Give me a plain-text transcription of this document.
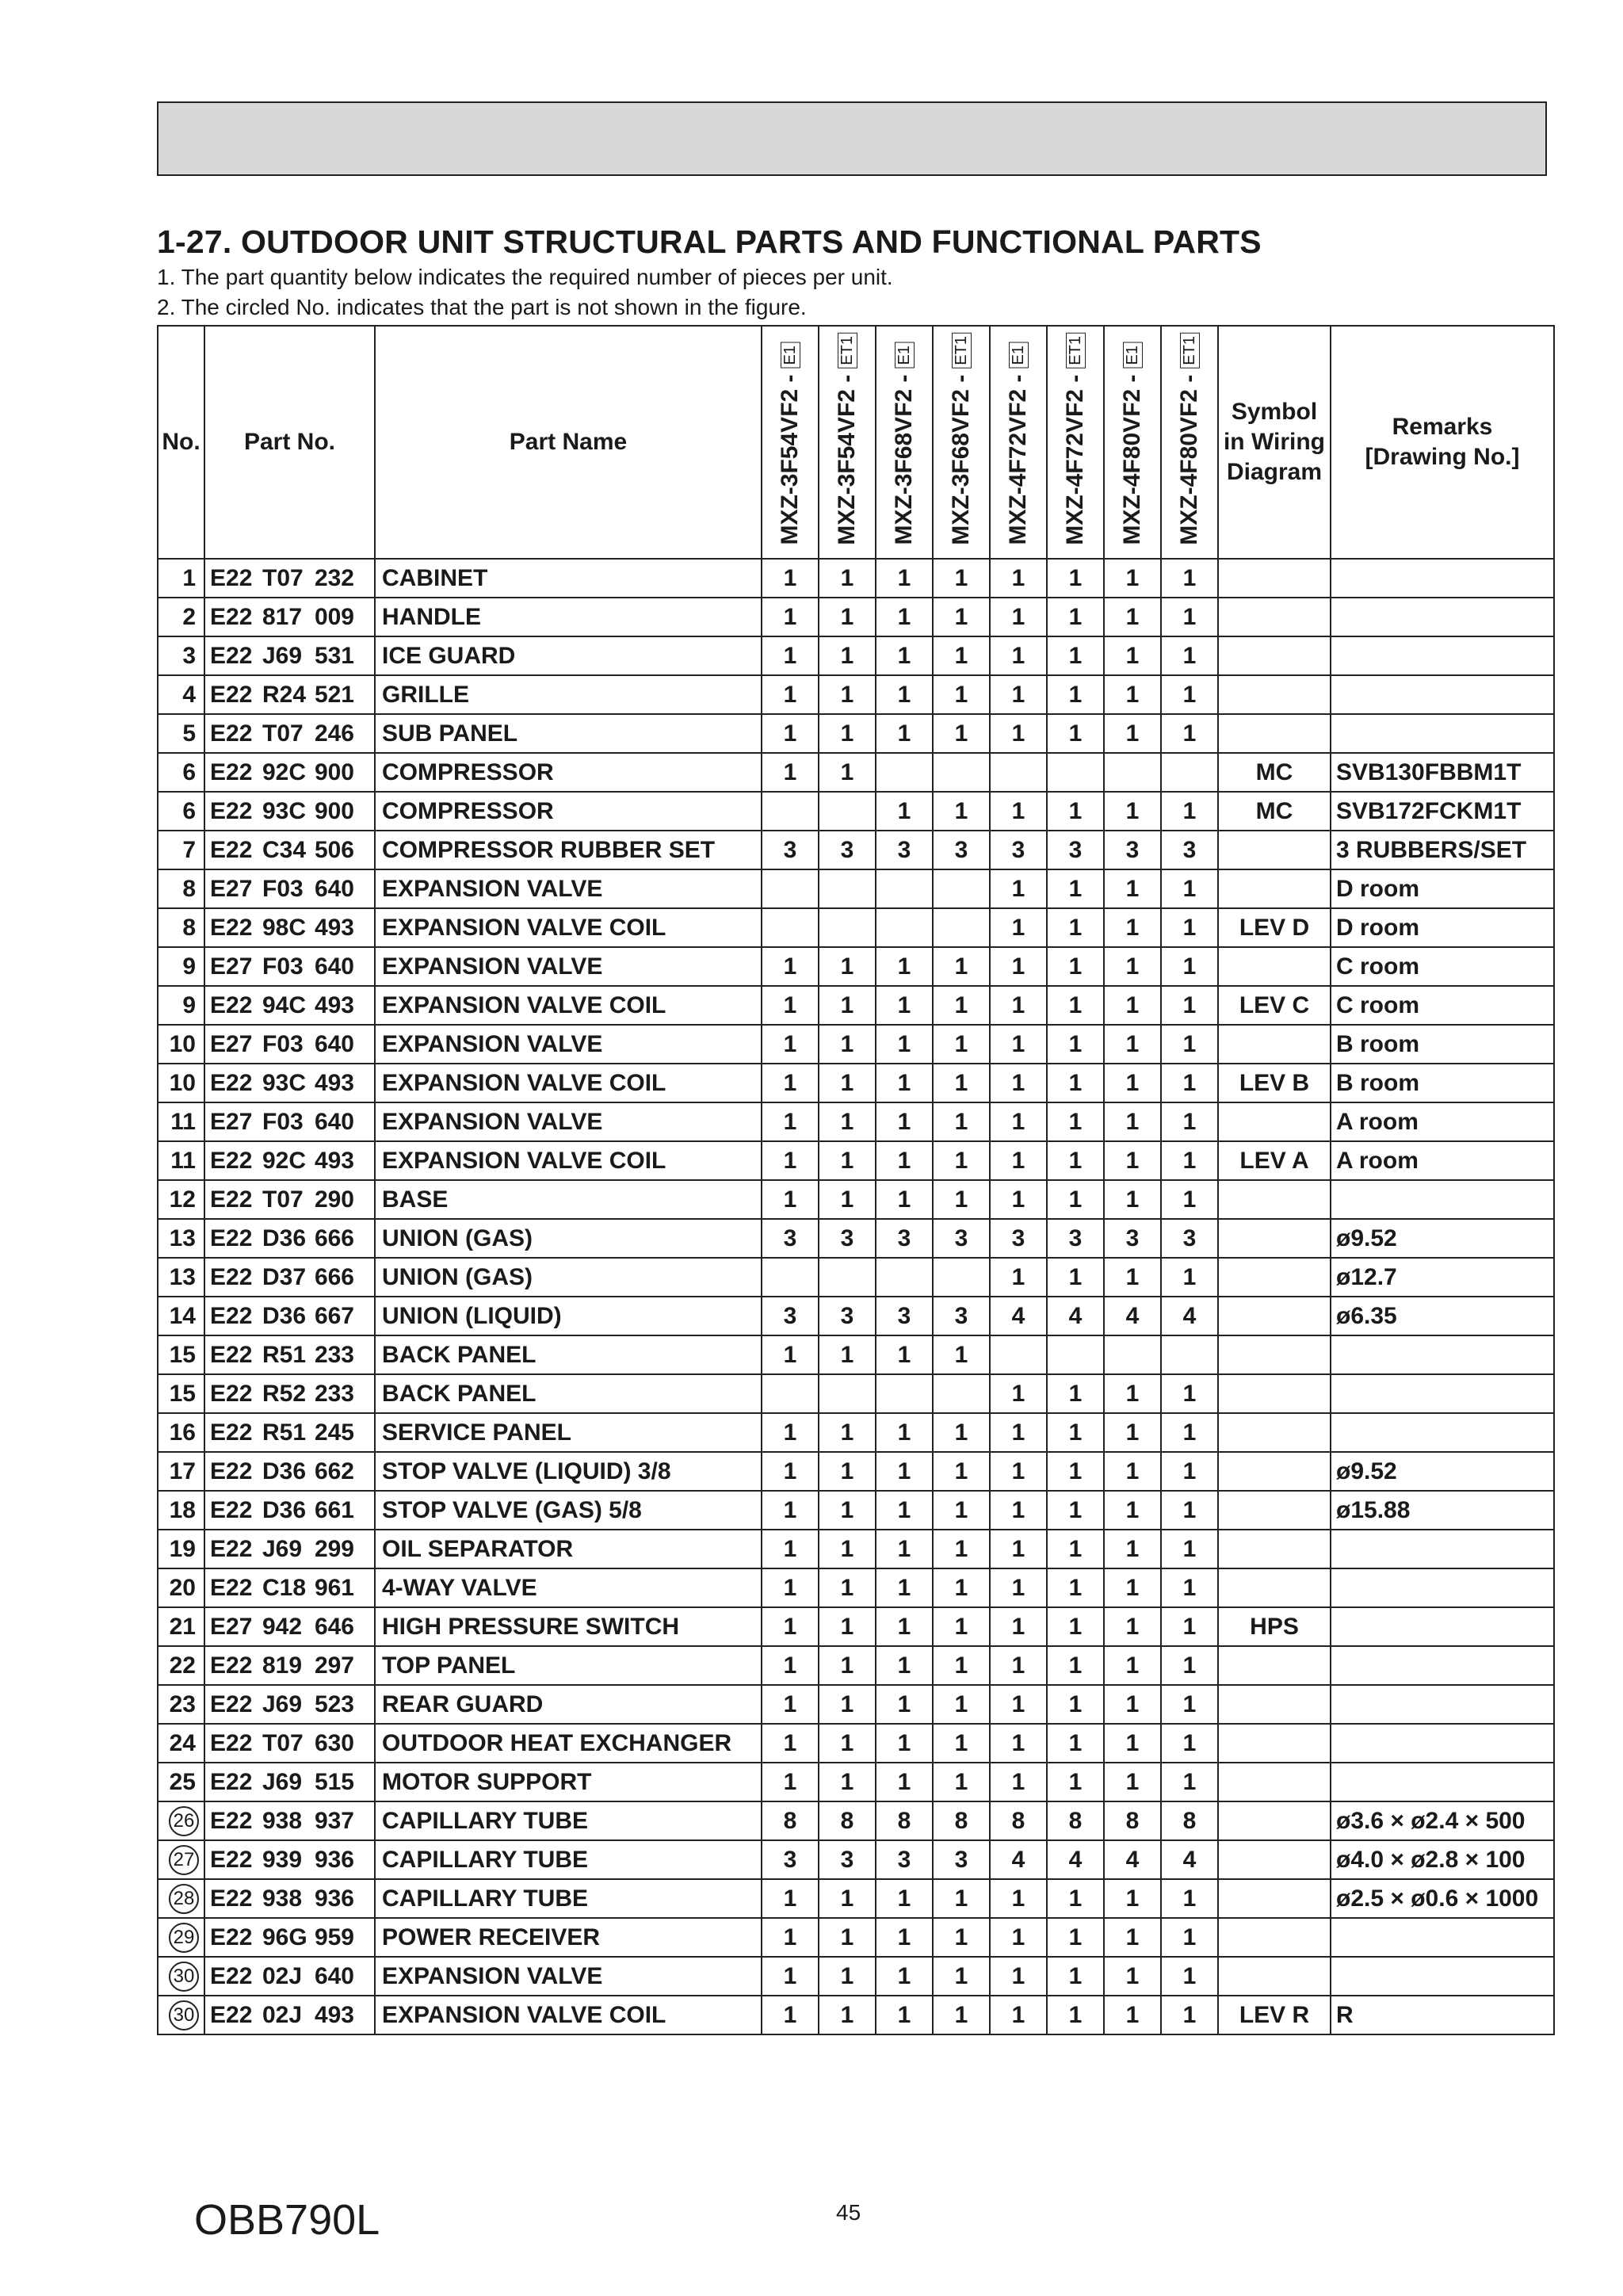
1-27. OUTDOOR UNIT STRUCTURAL PARTS AND FUNCTIONAL PARTS
1. The part quantity below indicates the required number of pieces per unit.
2. The circled No. indicates that the part is not shown in the figure.
No.	Part No.	Part Name	MXZ-3F54VF2 -E1	MXZ-3F54VF2 -ET1	MXZ-3F68VF2 -E1	MXZ-3F68VF2 -ET1	MXZ-4F72VF2 -E1	MXZ-4F72VF2 -ET1	MXZ-4F80VF2 -E1	MXZ-4F80VF2 -ET1	Symbol
in Wiring
Diagram	Remarks
[Drawing No.]
1	E22 T07 232	CABINET	1	1	1	1	1	1	1	1		
2	E22 817 009	HANDLE	1	1	1	1	1	1	1	1		
3	E22 J69 531	ICE GUARD	1	1	1	1	1	1	1	1		
4	E22 R24 521	GRILLE	1	1	1	1	1	1	1	1		
5	E22 T07 246	SUB PANEL	1	1	1	1	1	1	1	1		
6	E22 92C 900	COMPRESSOR	1	1							MC	SVB130FBBM1T
6	E22 93C 900	COMPRESSOR			1	1	1	1	1	1	MC	SVB172FCKM1T
7	E22 C34 506	COMPRESSOR RUBBER SET	3	3	3	3	3	3	3	3		3 RUBBERS/SET
8	E27 F03 640	EXPANSION VALVE					1	1	1	1		D room
8	E22 98C 493	EXPANSION VALVE COIL					1	1	1	1	LEV D	D room
9	E27 F03 640	EXPANSION VALVE	1	1	1	1	1	1	1	1		C room
9	E22 94C 493	EXPANSION VALVE COIL	1	1	1	1	1	1	1	1	LEV C	C room
10	E27 F03 640	EXPANSION VALVE	1	1	1	1	1	1	1	1		B room
10	E22 93C 493	EXPANSION VALVE COIL	1	1	1	1	1	1	1	1	LEV B	B room
11	E27 F03 640	EXPANSION VALVE	1	1	1	1	1	1	1	1		A room
11	E22 92C 493	EXPANSION VALVE COIL	1	1	1	1	1	1	1	1	LEV A	A room
12	E22 T07 290	BASE	1	1	1	1	1	1	1	1		
13	E22 D36 666	UNION (GAS)	3	3	3	3	3	3	3	3		ø9.52
13	E22 D37 666	UNION (GAS)					1	1	1	1		ø12.7
14	E22 D36 667	UNION (LIQUID)	3	3	3	3	4	4	4	4		ø6.35
15	E22 R51 233	BACK PANEL	1	1	1	1						
15	E22 R52 233	BACK PANEL					1	1	1	1		
16	E22 R51 245	SERVICE PANEL	1	1	1	1	1	1	1	1		
17	E22 D36 662	STOP VALVE (LIQUID) 3/8	1	1	1	1	1	1	1	1		ø9.52
18	E22 D36 661	STOP VALVE (GAS) 5/8	1	1	1	1	1	1	1	1		ø15.88
19	E22 J69 299	OIL SEPARATOR	1	1	1	1	1	1	1	1		
20	E22 C18 961	4-WAY VALVE	1	1	1	1	1	1	1	1		
21	E27 942 646	HIGH PRESSURE SWITCH	1	1	1	1	1	1	1	1	HPS	
22	E22 819 297	TOP PANEL	1	1	1	1	1	1	1	1		
23	E22 J69 523	REAR GUARD	1	1	1	1	1	1	1	1		
24	E22 T07 630	OUTDOOR HEAT EXCHANGER	1	1	1	1	1	1	1	1		
25	E22 J69 515	MOTOR SUPPORT	1	1	1	1	1	1	1	1		
26	E22 938 937	CAPILLARY TUBE	8	8	8	8	8	8	8	8		ø3.6 × ø2.4 × 500
27	E22 939 936	CAPILLARY TUBE	3	3	3	3	4	4	4	4		ø4.0 × ø2.8 × 100
28	E22 938 936	CAPILLARY TUBE	1	1	1	1	1	1	1	1		ø2.5 × ø0.6 × 1000
29	E22 96G 959	POWER RECEIVER	1	1	1	1	1	1	1	1		
30	E22 02J 640	EXPANSION VALVE	1	1	1	1	1	1	1	1		
30	E22 02J 493	EXPANSION VALVE COIL	1	1	1	1	1	1	1	1	LEV R	R
OBB790L	45
